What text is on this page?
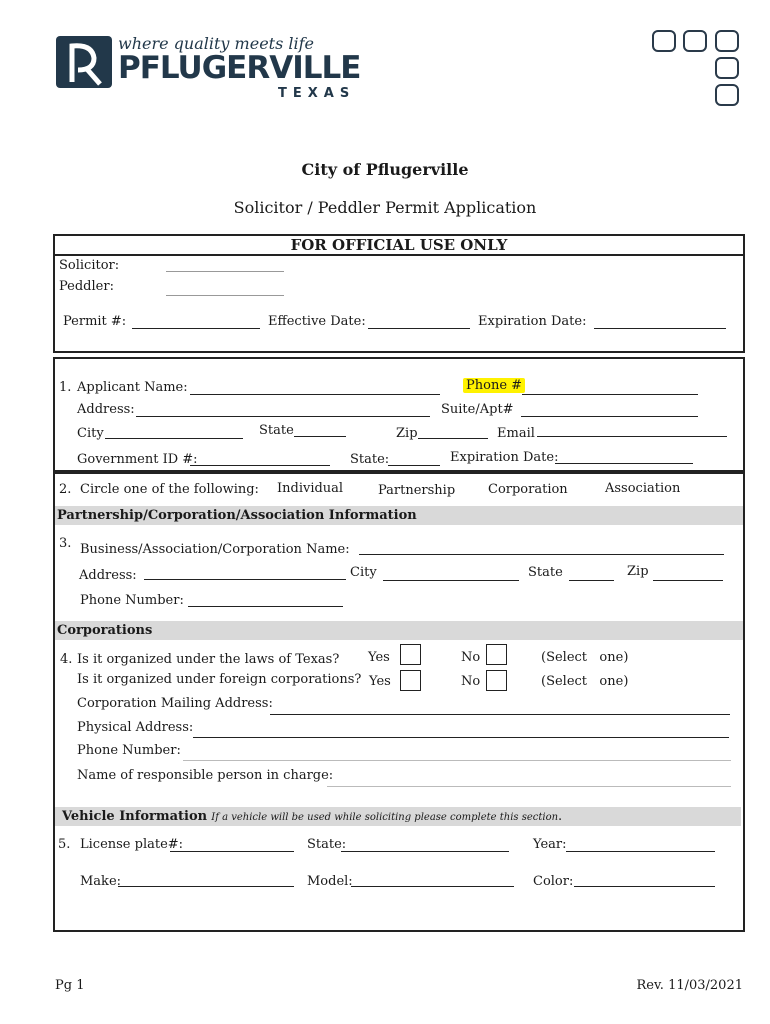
where quality meets life
PFLUGERVILLE
TEXAS
City of Pflugerville
Solicitor / Peddler Permit Application
FOR OFFICIAL USE ONLY
Solicitor:
Peddler:
Permit #:	Effective Date:	Expiration Date:
1. Applicant Name:	Phone #
Address:	Suite/Apt#
City	State	Zip	Email
Government ID #:	State:	Expiration Date:
2. Circle one of the following: Individual	Partnership	Corporation	Association
Partnership/Corporation/Association Information
3. Business/Association/Corporation Name:
Address:	City	State	Zip
Phone Number:
Corporations
4. Is it organized under the laws of Texas?
Is it organized under foreign corporations?
Yes	No	(Select   one)
Yes	No	(Select   one)
Corporation Mailing Address:
Physical Address:
Phone Number:
Name of responsible person in charge:
Vehicle Information If a vehicle will be used while soliciting please complete this section.
5. License plate#:	State:	Year:
Make:	Model:	Color:
Pg 1	Rev. 11/03/2021
